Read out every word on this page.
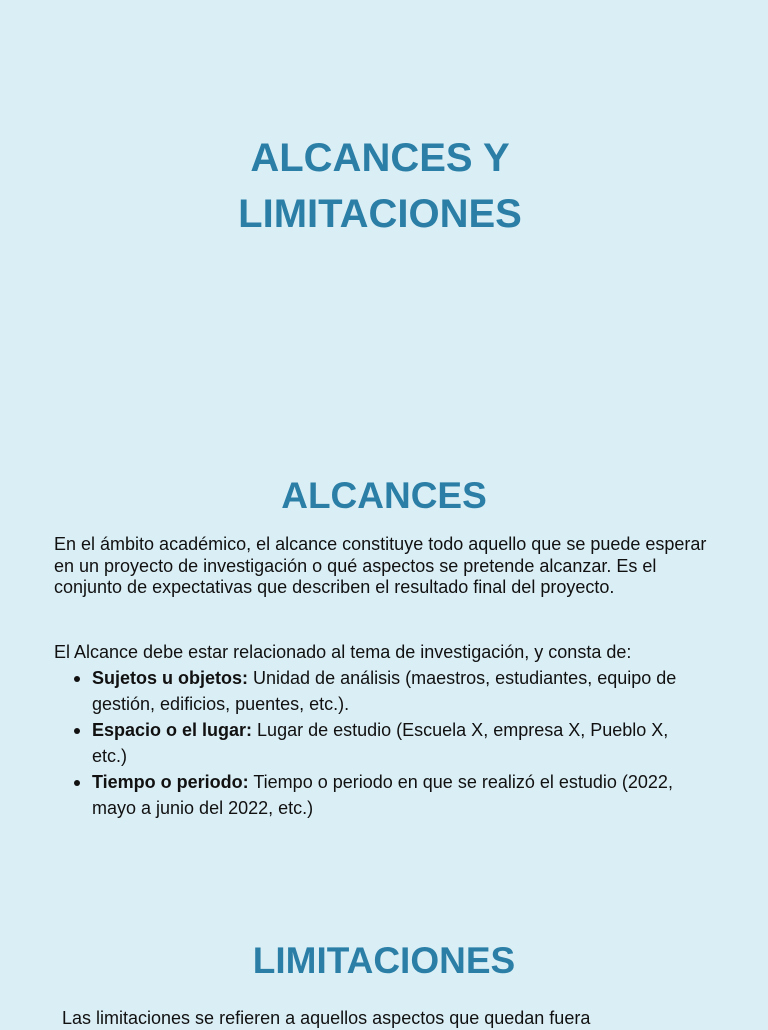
ALCANCES Y
LIMITACIONES
ALCANCES

En el ámbito académico, el alcance constituye todo aquello que se puede esperar en un proyecto de investigación o qué aspectos se pretende alcanzar. Es el conjunto de expectativas que describen el resultado final del proyecto.

El Alcance debe estar relacionado al tema de investigación, y consta de:

Sujetos u objetos: Unidad de análisis (maestros, estudiantes, equipo de gestión, edificios, puentes, etc.).
Espacio o el lugar: Lugar de estudio (Escuela X, empresa X, Pueblo X, etc.)
Tiempo o periodo: Tiempo o periodo en que se realizó el estudio (2022, mayo a junio del 2022, etc.)
LIMITACIONES

Las limitaciones se refieren a aquellos aspectos que quedan fuera
